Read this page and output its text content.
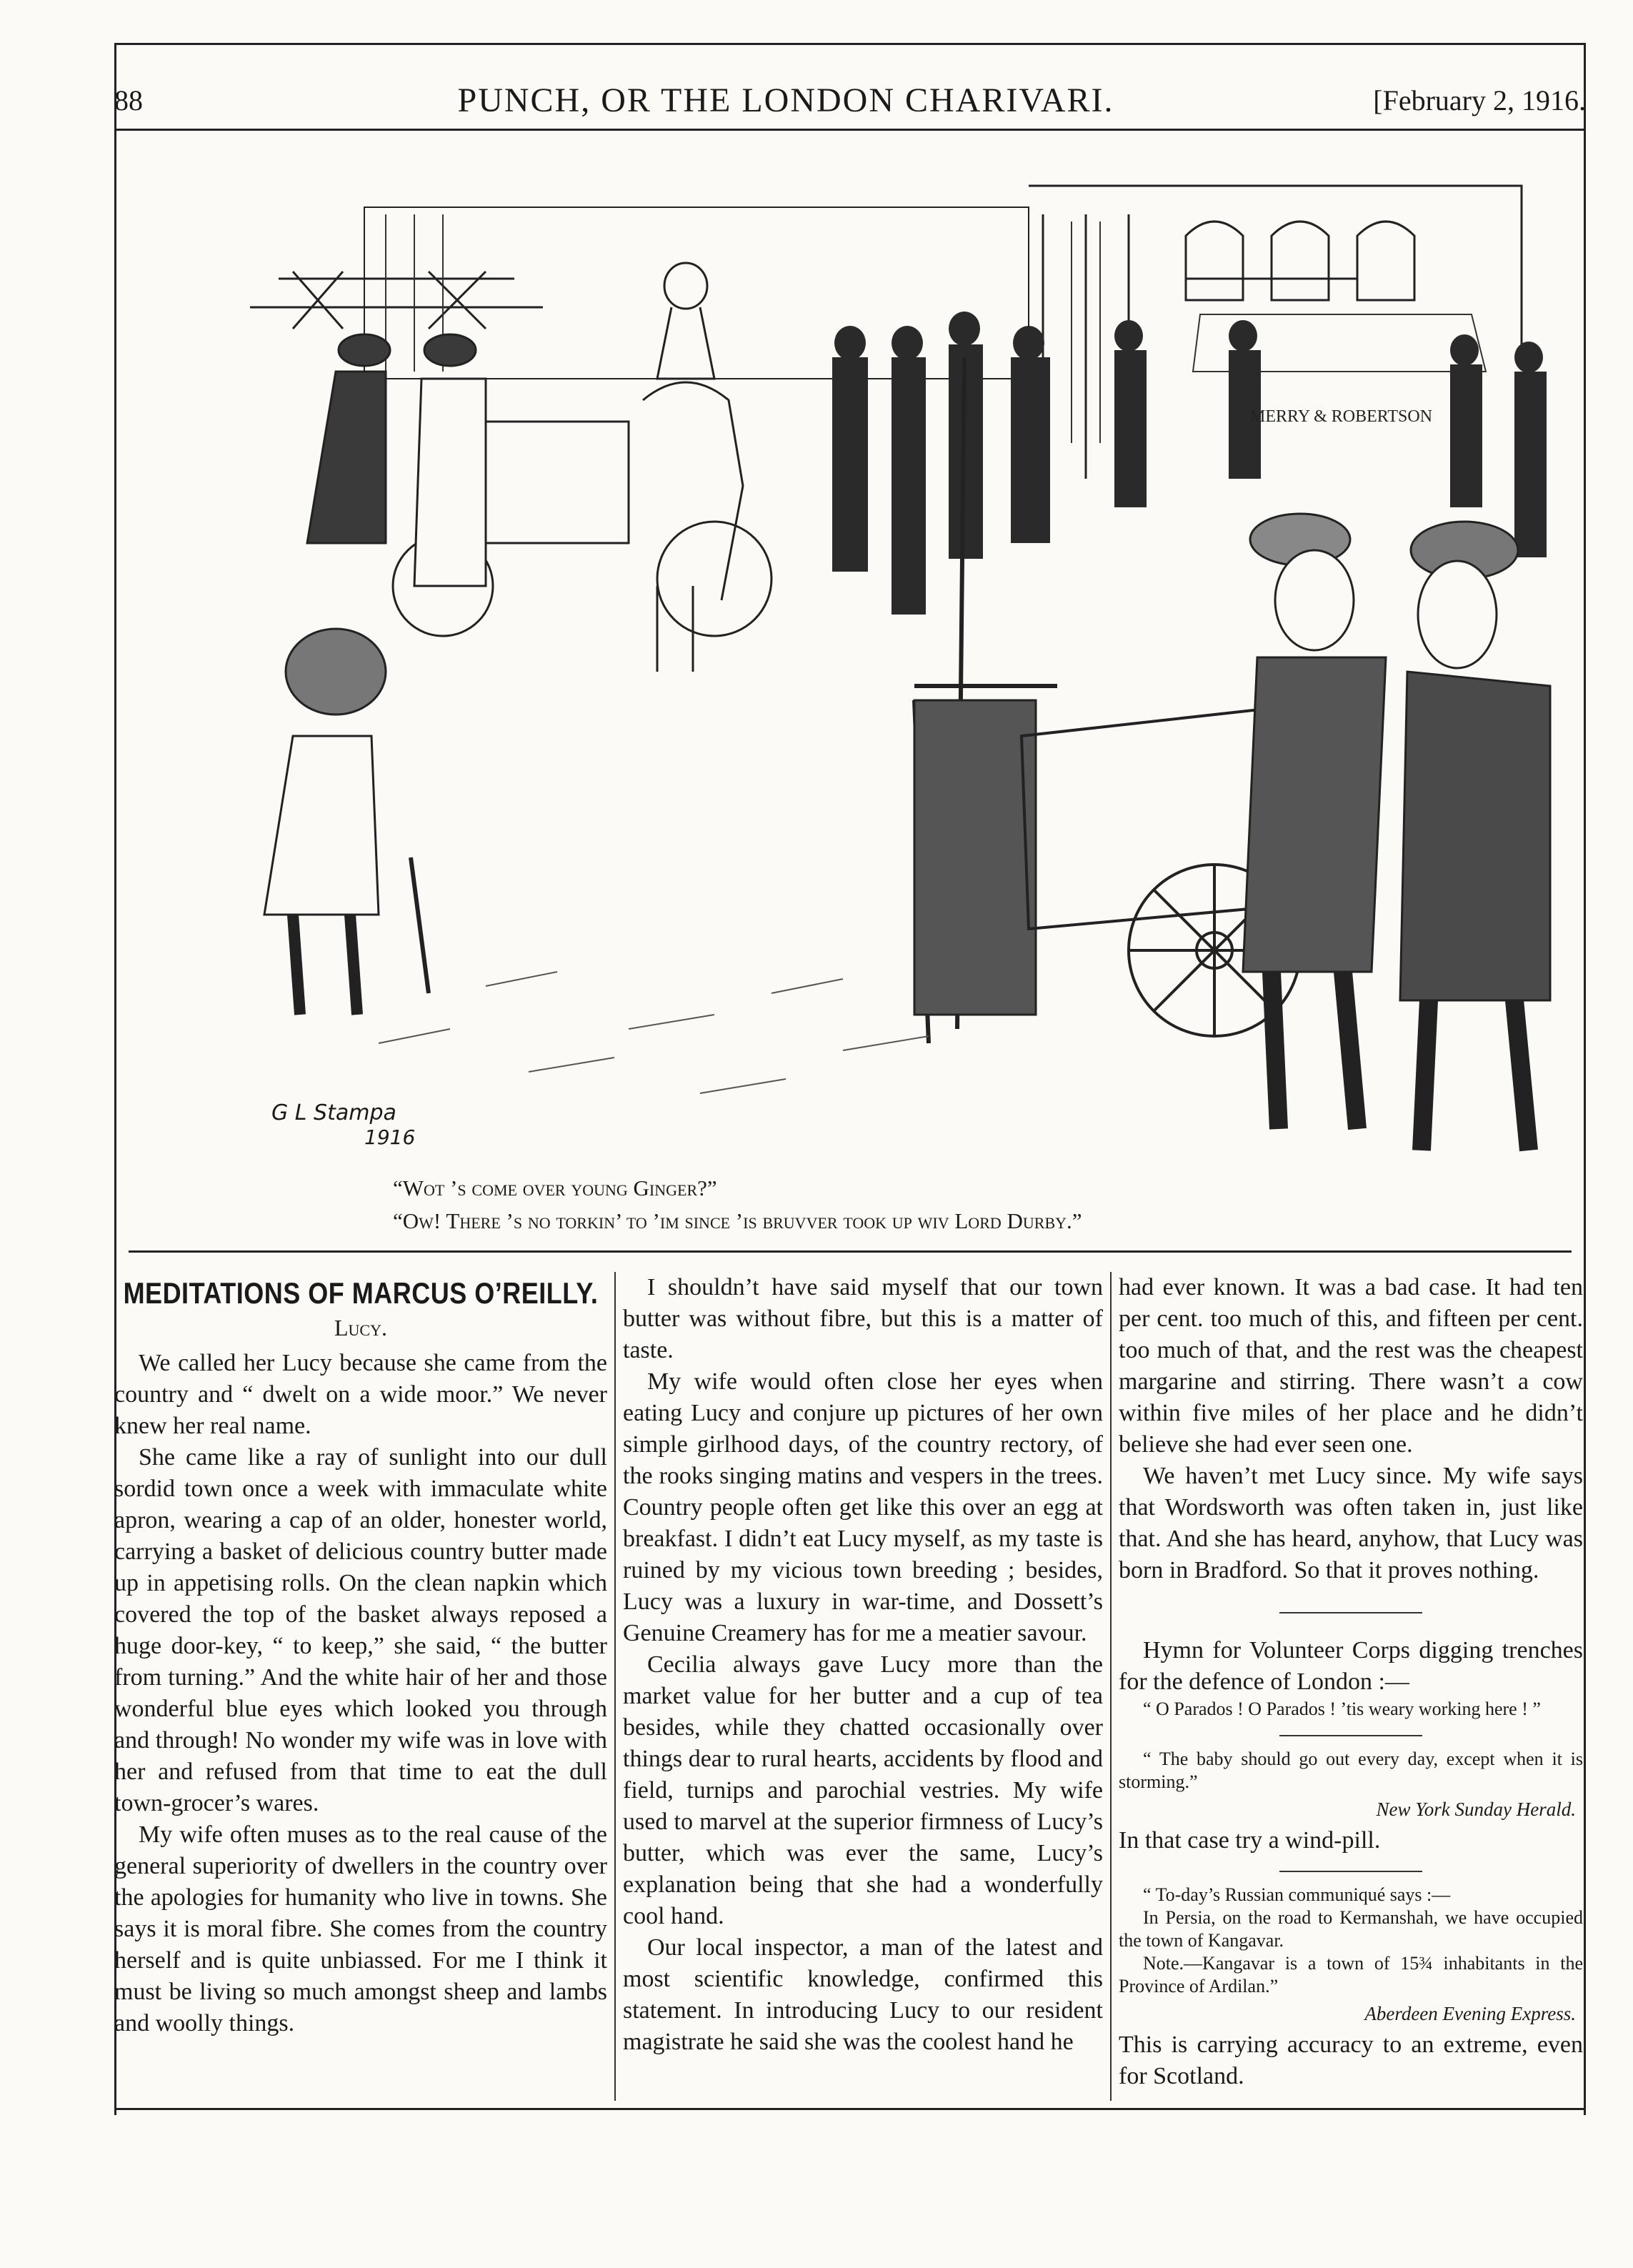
88	PUNCH, OR THE LONDON CHARIVARI.	[February 2, 1916.
MERRY & ROBERTSON
G L Stampa
1916
“Wot ’s come over young Ginger?”
“Ow! There ’s no torkin’ to ’im since ’is bruvver took up wiv Lord Durby.”
MEDITATIONS OF MARCUS O’REILLY.
Lucy.

We called her Lucy because she came from the country and “ dwelt on a wide moor.” We never knew her real name.

She came like a ray of sunlight into our dull sordid town once a week with immaculate white apron, wearing a cap of an older, honester world, carrying a basket of delicious country butter made up in appetising rolls. On the clean napkin which covered the top of the basket always reposed a huge door-key, “ to keep,” she said, “ the butter from turning.” And the white hair of her and those wonderful blue eyes which looked you through and through! No wonder my wife was in love with her and refused from that time to eat the dull town-grocer’s wares.

My wife often muses as to the real cause of the general superiority of dwellers in the country over the apologies for humanity who live in towns. She says it is moral fibre. She comes from the country herself and is quite unbiassed. For me I think it must be living so much amongst sheep and lambs and woolly things.

I shouldn’t have said myself that our town butter was without fibre, but this is a matter of taste.

My wife would often close her eyes when eating Lucy and conjure up pictures of her own simple girlhood days, of the country rectory, of the rooks singing matins and vespers in the trees. Country people often get like this over an egg at breakfast. I didn’t eat Lucy myself, as my taste is ruined by my vicious town breeding ; besides, Lucy was a luxury in war-time, and Dossett’s Genuine Creamery has for me a meatier savour.

Cecilia always gave Lucy more than the market value for her butter and a cup of tea besides, while they chatted occasionally over things dear to rural hearts, accidents by flood and field, turnips and parochial vestries. My wife used to marvel at the superior firmness of Lucy’s butter, which was ever the same, Lucy’s explanation being that she had a wonderfully cool hand.

Our local inspector, a man of the latest and most scientific knowledge, confirmed this statement. In introducing Lucy to our resident magistrate he said she was the coolest hand he

had ever known. It was a bad case. It had ten per cent. too much of this, and fifteen per cent. too much of that, and the rest was the cheapest margarine and stirring. There wasn’t a cow within five miles of her place and he didn’t believe she had ever seen one.

We haven’t met Lucy since. My wife says that Wordsworth was often taken in, just like that. And she has heard, anyhow, that Lucy was born in Bradford. So that it proves nothing.

Hymn for Volunteer Corps digging trenches for the defence of London :—

“ O Parados ! O Parados ! ’tis weary working here ! ”

“ The baby should go out every day, except when it is storming.”

New York Sunday Herald.

In that case try a wind-pill.

“ To-day’s Russian communiqué says :—

In Persia, on the road to Kermanshah, we have occupied the town of Kangavar.

Note.—Kangavar is a town of 15¾ inhabitants in the Province of Ardilan.”

Aberdeen Evening Express.

This is carrying accuracy to an extreme, even for Scotland.
